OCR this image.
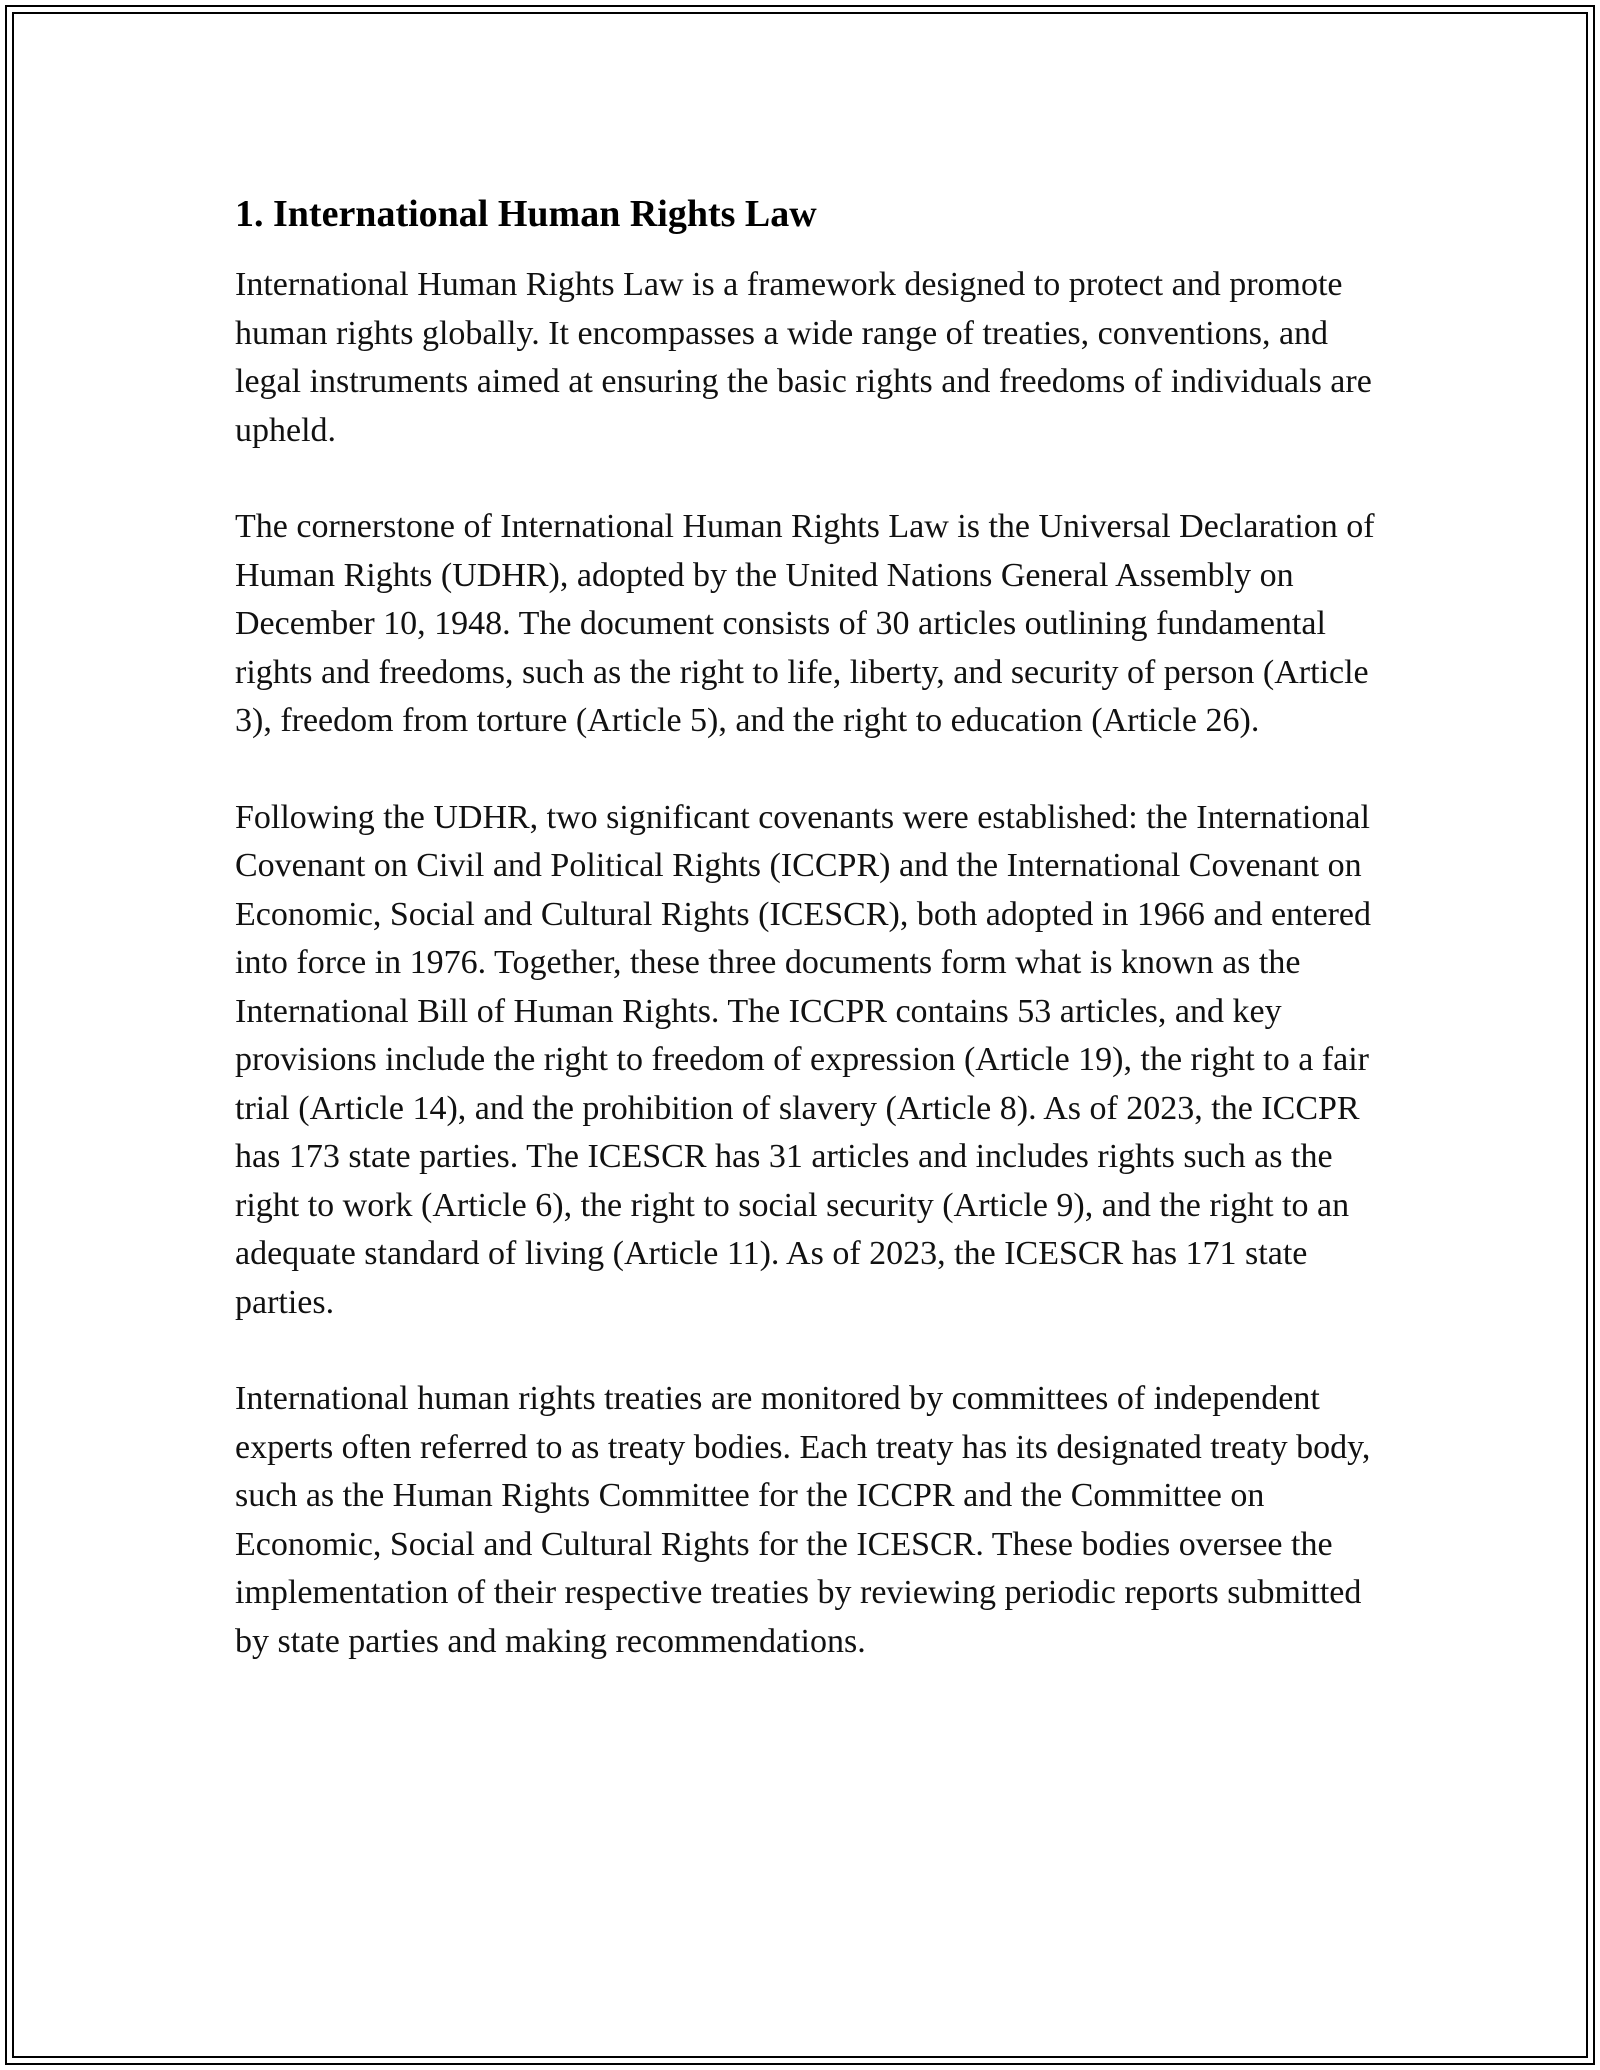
1. International Human Rights Law

International Human Rights Law is a framework designed to protect and promote human rights globally. It encompasses a wide range of treaties, conventions, and legal instruments aimed at ensuring the basic rights and freedoms of individuals are upheld.

The cornerstone of International Human Rights Law is the Universal Declaration of Human Rights (UDHR), adopted by the United Nations General Assembly on December 10, 1948. The document consists of 30 articles outlining fundamental rights and freedoms, such as the right to life, liberty, and security of person (Article 3), freedom from torture (Article 5), and the right to education (Article 26).

Following the UDHR, two significant covenants were established: the International Covenant on Civil and Political Rights (ICCPR) and the International Covenant on Economic, Social and Cultural Rights (ICESCR), both adopted in 1966 and entered into force in 1976. Together, these three documents form what is known as the International Bill of Human Rights. The ICCPR contains 53 articles, and key provisions include the right to freedom of expression (Article 19), the right to a fair trial (Article 14), and the prohibition of slavery (Article 8). As of 2023, the ICCPR has 173 state parties. The ICESCR has 31 articles and includes rights such as the right to work (Article 6), the right to social security (Article 9), and the right to an adequate standard of living (Article 11). As of 2023, the ICESCR has 171 state parties.

International human rights treaties are monitored by committees of independent experts often referred to as treaty bodies. Each treaty has its designated treaty body, such as the Human Rights Committee for the ICCPR and the Committee on Economic, Social and Cultural Rights for the ICESCR. These bodies oversee the implementation of their respective treaties by reviewing periodic reports submitted by state parties and making recommendations.
